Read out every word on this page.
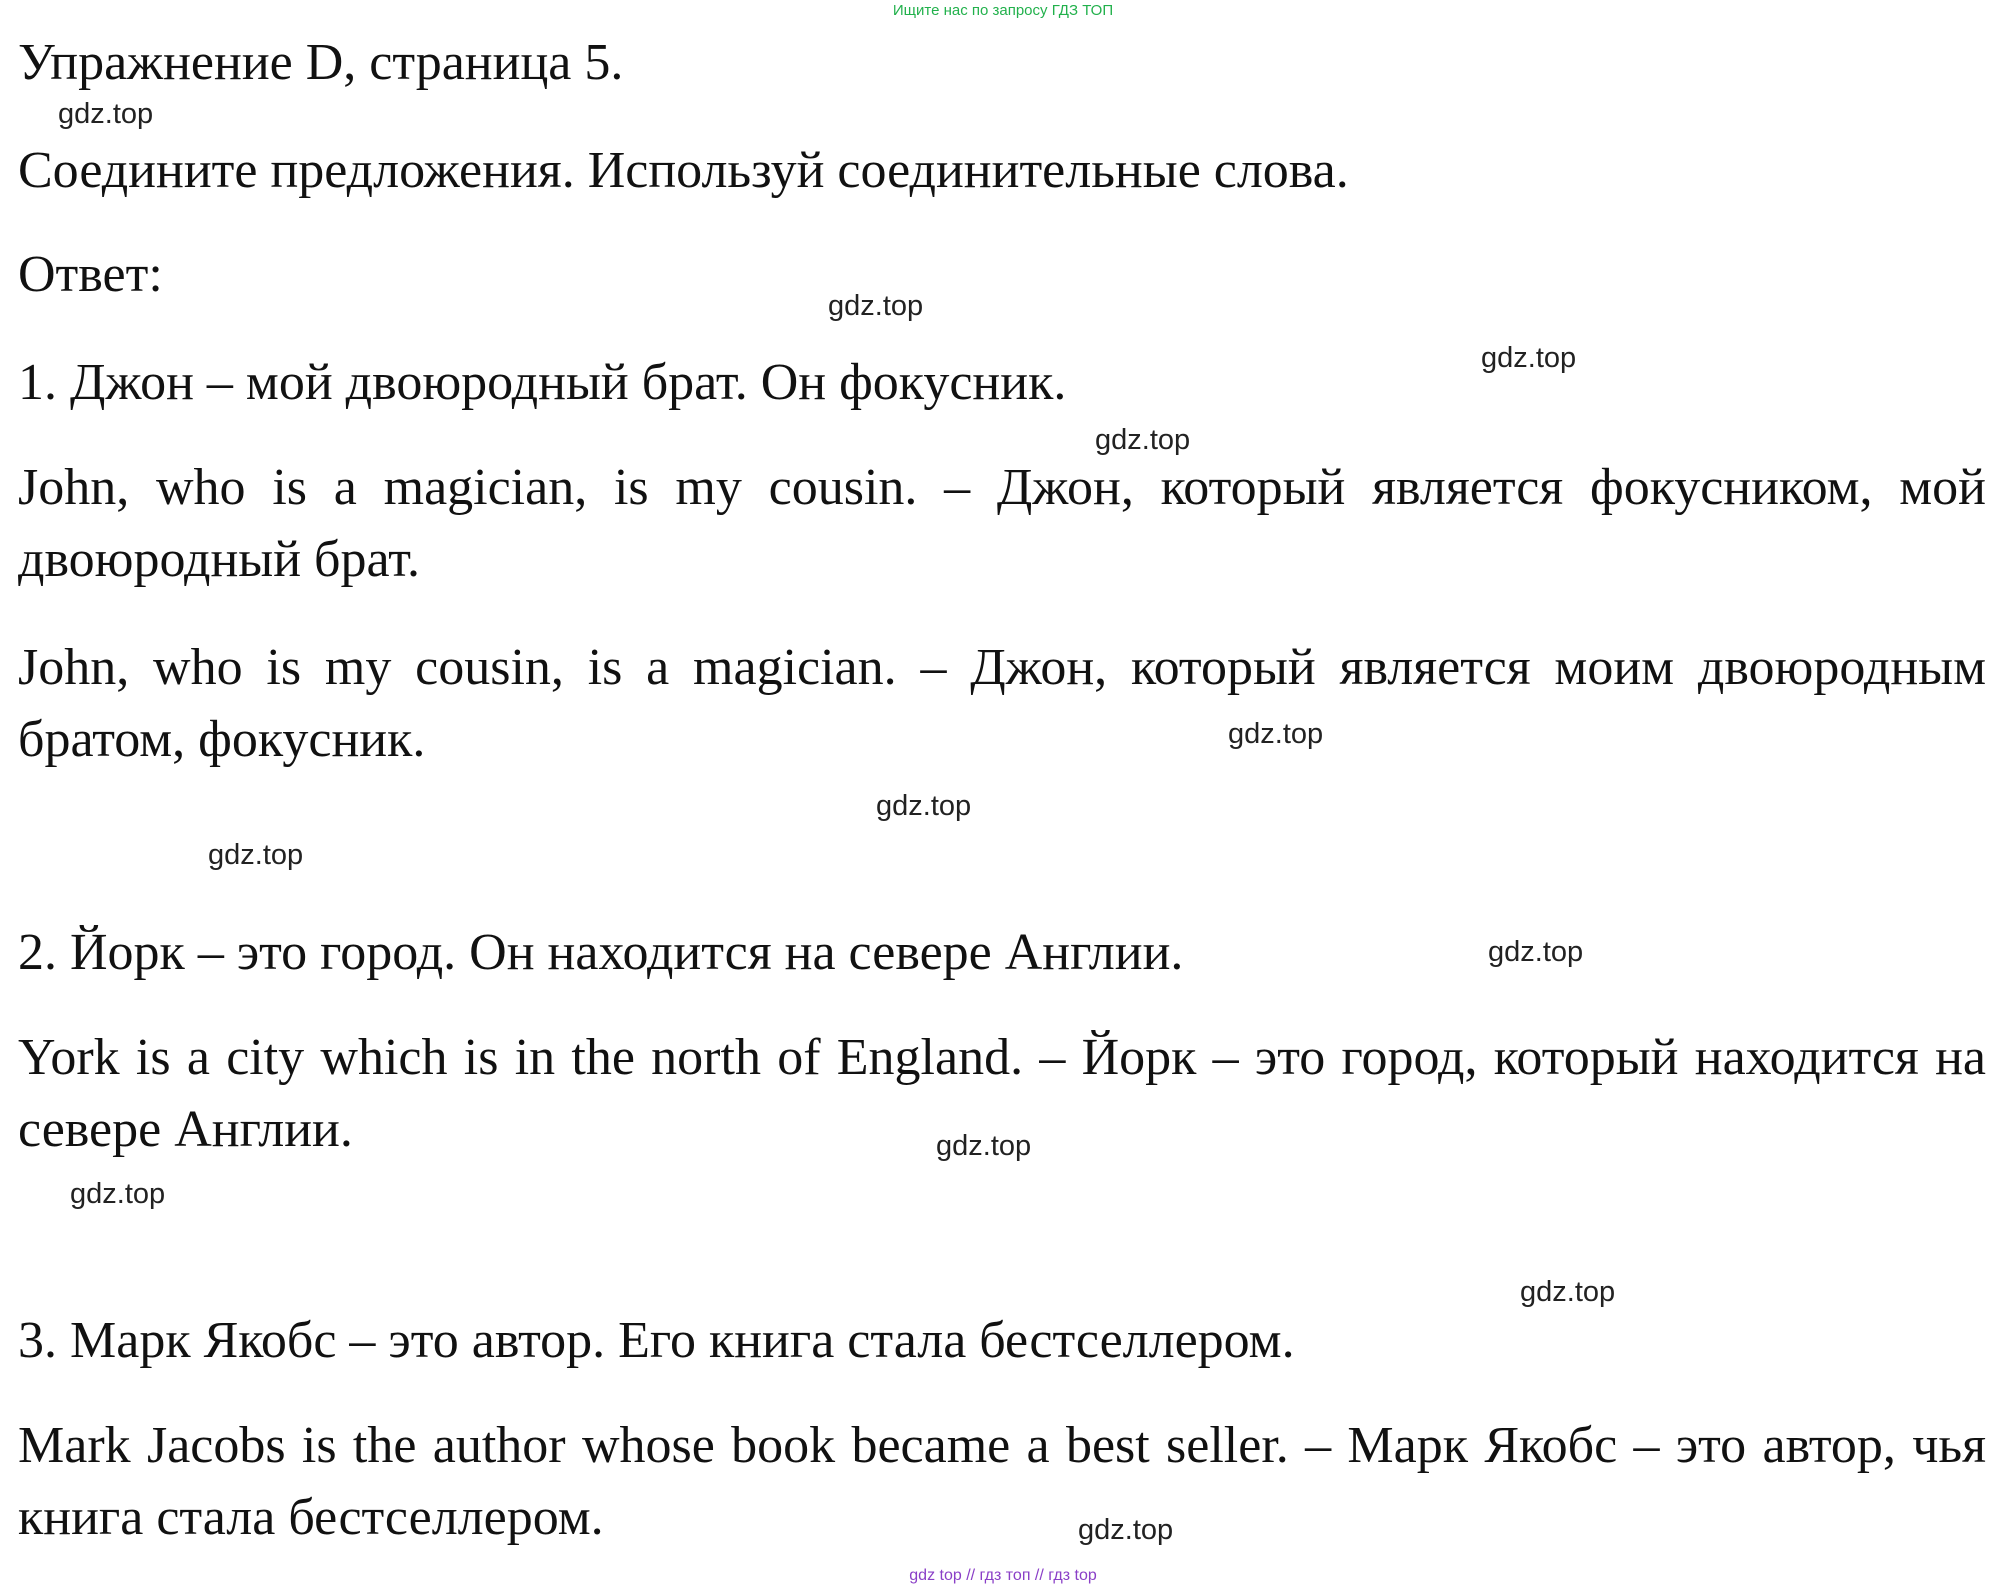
Ищите нас по запросу ГДЗ ТОП
Упражнение D, страница 5.
gdz.top
Соедините предложения. Используй соединительные слова.
Ответ:
gdz.top
gdz.top
1. Джон – мой двоюродный брат. Он фокусник.
gdz.top
John, who is a magician, is my cousin. – Джон, который является фокусником, мой двоюродный брат.
John, who is my cousin, is a magician. – Джон, который является моим двоюродным братом, фокусник.	gdz.top
gdz.top
gdz.top
2. Йорк – это город. Он находится на севере Англии.	gdz.top
York is a city which is in the north of England. – Йорк – это город, который находится на севере Англии.	gdz.top
gdz.top
gdz.top
3. Марк Якобс – это автор. Его книга стала бестселлером.
Mark Jacobs is the author whose book became a best seller. – Марк Якобс – это автор, чья книга стала бестселлером.	gdz.top
gdz top // гдз топ // гдз top
